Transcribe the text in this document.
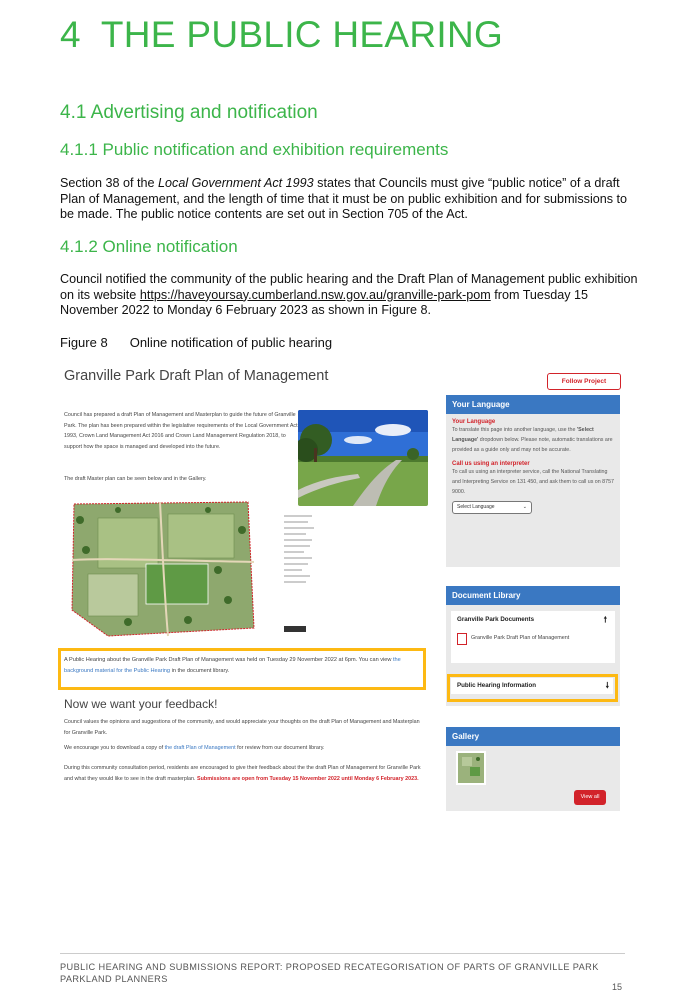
4 THE PUBLIC HEARING
4.1 Advertising and notification
4.1.1 Public notification and exhibition requirements

Section 38 of the Local Government Act 1993 states that Councils must give “public notice” of a draft Plan of Management, and the length of time that it must be on public exhibition and for submissions to be made. The public notice contents are set out in Section 705 of the Act.

4.1.2 Online notification

Council notified the community of the public hearing and the Draft Plan of Management public exhibition on its website https://haveyoursay.cumberland.nsw.gov.au/granville-park-pom from Tuesday 15 November 2022 to Monday 6 February 2023 as shown in Figure 8.

Figure 8 Online notification of public hearing

Granville Park Draft Plan of Management	Follow Project
Council has prepared a draft Plan of Management and Masterplan to guide the future of Granville Park. The plan has been prepared within the legislative requirements of the Local Government Act 1993, Crown Land Management Act 2016 and Crown Land Management Regulation 2018, to support how the space is managed and developed into the future.
The draft Master plan can be seen below and in the Gallery.
A Public Hearing about the Granville Park Draft Plan of Management was held on Tuesday 29 November 2022 at 6pm. You can view the background material for the Public Hearing in the document library.
Now we want your feedback!
Council values the opinions and suggestions of the community, and would appreciate your thoughts on the draft Plan of Management and Masterplan for Granville Park.
We encourage you to download a copy of the draft Plan of Management for review from our document library.
During this community consultation period, residents are encouraged to give their feedback about the the draft Plan of Management for Granville Park and what they would like to see in the draft masterplan. Submissions are open from Tuesday 15 November 2022 until Monday 6 February 2023.
Your Language
Your Language
To translate this page into another language, use the 'Select Language' dropdown below. Please note, automatic translations are provided as a guide only and may not be accurate.
Call us using an interpreter
To call us using an interpreter service, call the National Translating and Interpreting Service on 131 450, and ask them to call us on 8757 9000.
Select Language	⌄
Document Library
Granville Park Documents	🠕
Granville Park Draft Plan of Management
Public Hearing Information	🠗
Gallery
View all

PUBLIC HEARING AND SUBMISSIONS REPORT: PROPOSED RECATEGORISATION OF PARTS OF GRANVILLE PARK

PARKLAND PLANNERS

15
